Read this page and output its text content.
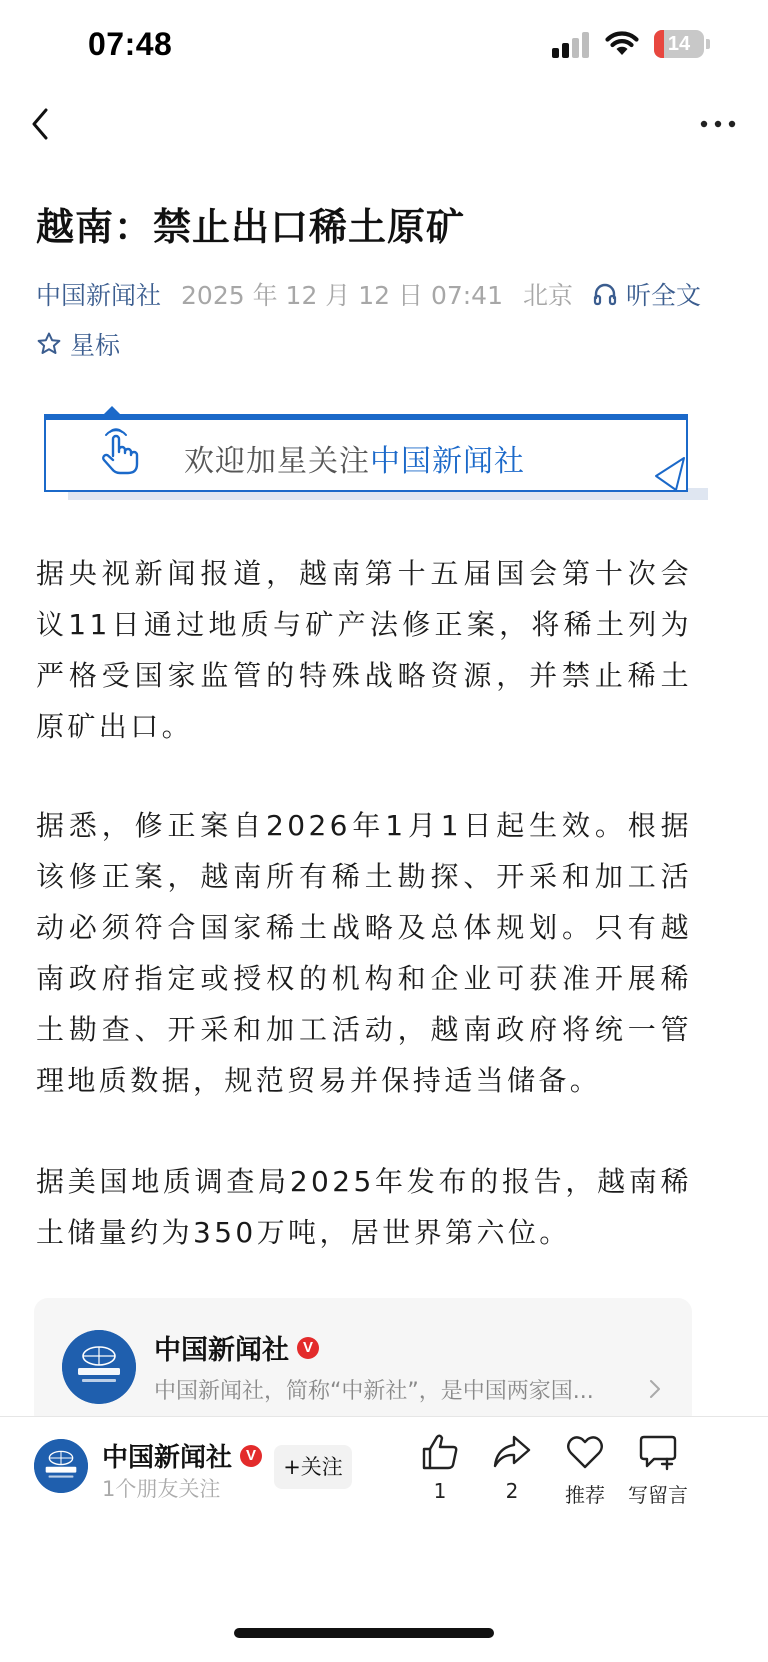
07:48	14
越南：禁止出口稀土原矿
中国新闻社 2025 年 12 月 12 日 07:41 北京 听全文
星标
欢迎加星关注中国新闻社

据央视新闻报道，越南第十五届国会第十次会议11日通过地质与矿产法修正案，将稀土列为严格受国家监管的特殊战略资源，并禁止稀土原矿出口。

据悉，修正案自2026年1月1日起生效。根据该修正案，越南所有稀土勘探、开采和加工活动必须符合国家稀土战略及总体规划。只有越南政府指定或授权的机构和企业可获准开展稀土勘查、开采和加工活动，越南政府将统一管理地质数据，规范贸易并保持适当储备。

据美国地质调查局2025年发布的报告，越南稀土储量约为350万吨，居世界第六位。

中国新闻社 V
中国新闻社，简称“中新社”，是中国两家国...
中国新闻社 V
1个朋友关注
+关注
1	2	推荐	写留言
